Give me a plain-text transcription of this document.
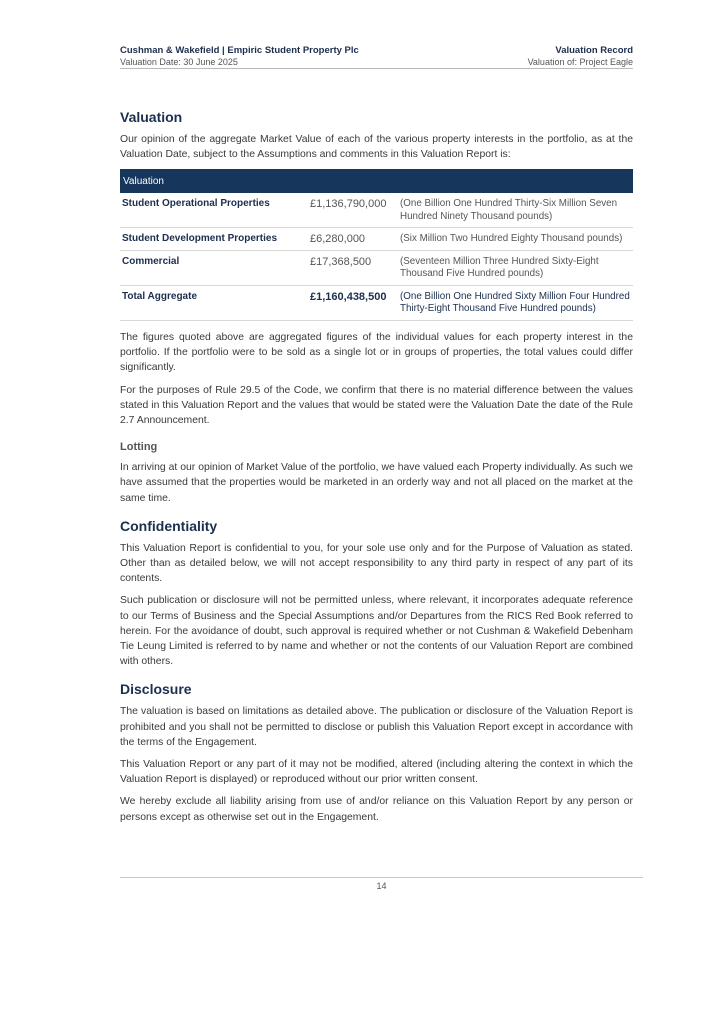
Cushman & Wakefield | Empiric Student Property Plc	Valuation Record
Valuation Date: 30 June 2025	Valuation of: Project Eagle
Valuation

Our opinion of the aggregate Market Value of each of the various property interests in the portfolio, as at the Valuation Date, subject to the Assumptions and comments in this Valuation Report is:

Valuation		
Student Operational Properties	£1,136,790,000	(One Billion One Hundred Thirty-Six Million Seven Hundred Ninety Thousand pounds)
Student Development Properties	£6,280,000	(Six Million Two Hundred Eighty Thousand pounds)
Commercial	£17,368,500	(Seventeen Million Three Hundred Sixty-Eight Thousand Five Hundred pounds)
Total Aggregate	£1,160,438,500	(One Billion One Hundred Sixty Million Four Hundred Thirty-Eight Thousand Five Hundred pounds)

The figures quoted above are aggregated figures of the individual values for each property interest in the portfolio. If the portfolio were to be sold as a single lot or in groups of properties, the total values could differ significantly.

For the purposes of Rule 29.5 of the Code, we confirm that there is no material difference between the values stated in this Valuation Report and the values that would be stated were the Valuation Date the date of the Rule 2.7 Announcement.

Lotting

In arriving at our opinion of Market Value of the portfolio, we have valued each Property individually. As such we have assumed that the properties would be marketed in an orderly way and not all placed on the market at the same time.

Confidentiality

This Valuation Report is confidential to you, for your sole use only and for the Purpose of Valuation as stated. Other than as detailed below, we will not accept responsibility to any third party in respect of any part of its contents.

Such publication or disclosure will not be permitted unless, where relevant, it incorporates adequate reference to our Terms of Business and the Special Assumptions and/or Departures from the RICS Red Book referred to herein. For the avoidance of doubt, such approval is required whether or not Cushman & Wakefield Debenham Tie Leung Limited is referred to by name and whether or not the contents of our Valuation Report are combined with others.

Disclosure

The valuation is based on limitations as detailed above. The publication or disclosure of the Valuation Report is prohibited and you shall not be permitted to disclose or publish this Valuation Report except in accordance with the terms of the Engagement.

This Valuation Report or any part of it may not be modified, altered (including altering the context in which the Valuation Report is displayed) or reproduced without our prior written consent.

We hereby exclude all liability arising from use of and/or reliance on this Valuation Report by any person or persons except as otherwise set out in the Engagement.

14
